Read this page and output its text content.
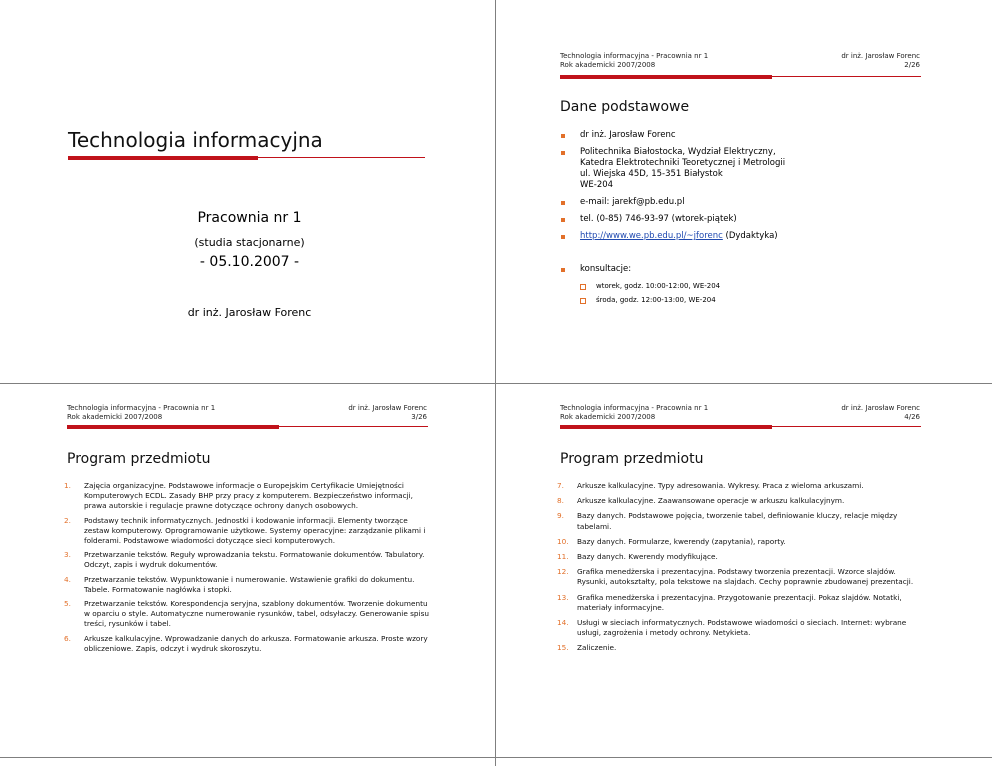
Technologia informacyjna
Pracownia nr 1
(studia stacjonarne)
- 05.10.2007 -
dr inż. Jarosław Forenc
Technologia informacyjna - Pracownia nr 1
Rok akademicki 2007/2008
dr inż. Jarosław Forenc
2/26
Dane podstawowe
dr inż. Jarosław Forenc
Politechnika Białostocka, Wydział Elektryczny,
Katedra Elektrotechniki Teoretycznej i Metrologii
ul. Wiejska 45D, 15-351 Białystok
WE-204
e-mail: jarekf@pb.edu.pl
tel. (0-85) 746-93-97 (wtorek-piątek)
http://www.we.pb.edu.pl/~jforenc (Dydaktyka)
konsultacje:
wtorek, godz. 10:00-12:00, WE-204
środa, godz. 12:00-13:00, WE-204
Technologia informacyjna - Pracownia nr 1
Rok akademicki 2007/2008
dr inż. Jarosław Forenc
3/26
Program przedmiotu
1. Zajęcia organizacyjne. Podstawowe informacje o Europejskim Certyfikacie Umiejętności Komputerowych ECDL. Zasady BHP przy pracy z komputerem. Bezpieczeństwo informacji, prawa autorskie i regulacje prawne dotyczące ochrony danych osobowych.
2. Podstawy technik informatycznych. Jednostki i kodowanie informacji. Elementy tworzące zestaw komputerowy. Oprogramowanie użytkowe. Systemy operacyjne: zarządzanie plikami i folderami. Podstawowe wiadomości dotyczące sieci komputerowych.
3. Przetwarzanie tekstów. Reguły wprowadzania tekstu. Formatowanie dokumentów. Tabulatory. Odczyt, zapis i wydruk dokumentów.
4. Przetwarzanie tekstów. Wypunktowanie i numerowanie. Wstawienie grafiki do dokumentu. Tabele. Formatowanie nagłówka i stopki.
5. Przetwarzanie tekstów. Korespondencja seryjna, szablony dokumentów. Tworzenie dokumentu w oparciu o style. Automatyczne numerowanie rysunków, tabel, odsyłaczy. Generowanie spisu treści, rysunków i tabel.
6. Arkusze kalkulacyjne. Wprowadzanie danych do arkusza. Formatowanie arkusza. Proste wzory obliczeniowe. Zapis, odczyt i wydruk skoroszytu.
Technologia informacyjna - Pracownia nr 1
Rok akademicki 2007/2008
dr inż. Jarosław Forenc
4/26
Program przedmiotu
7. Arkusze kalkulacyjne. Typy adresowania. Wykresy. Praca z wieloma arkuszami.
8. Arkusze kalkulacyjne. Zaawansowane operacje w arkuszu kalkulacyjnym.
9. Bazy danych. Podstawowe pojęcia, tworzenie tabel, definiowanie kluczy, relacje między tabelami.
10. Bazy danych. Formularze, kwerendy (zapytania), raporty.
11. Bazy danych. Kwerendy modyfikujące.
12. Grafika menedżerska i prezentacyjna. Podstawy tworzenia prezentacji. Wzorce slajdów. Rysunki, autokształty, pola tekstowe na slajdach. Cechy poprawnie zbudowanej prezentacji.
13. Grafika menedżerska i prezentacyjna. Przygotowanie prezentacji. Pokaz slajdów. Notatki, materiały informacyjne.
14. Usługi w sieciach informatycznych. Podstawowe wiadomości o sieciach. Internet: wybrane usługi, zagrożenia i metody ochrony. Netykieta.
15. Zaliczenie.
